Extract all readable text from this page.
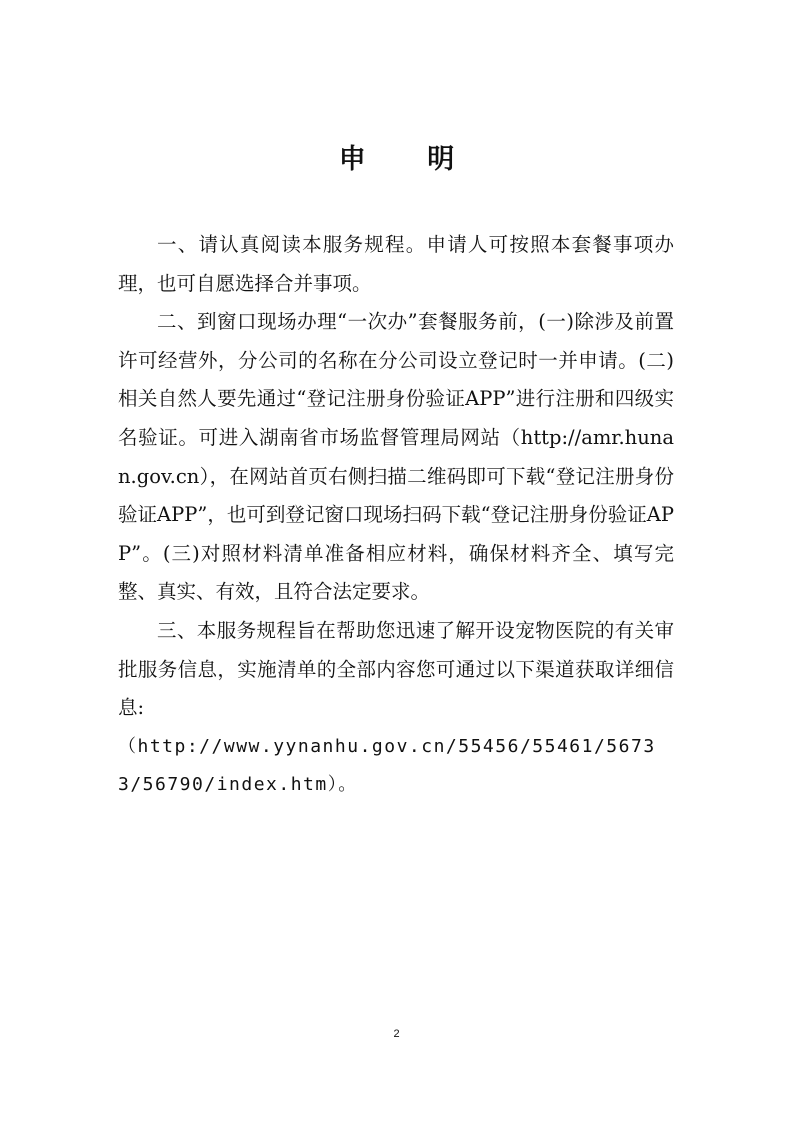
申 明

一、请认真阅读本服务规程。申请人可按照本套餐事项办理，也可自愿选择合并事项。

二、到窗口现场办理“一次办”套餐服务前，(一)除涉及前置许可经营外，分公司的名称在分公司设立登记时一并申请。(二)相关自然人要先通过“登记注册身份验证APP”进行注册和四级实名验证。可进入湖南省市场监督管理局网站（http://amr.hunan.gov.cn），在网站首页右侧扫描二维码即可下载“登记注册身份验证APP”，也可到登记窗口现场扫码下载“登记注册身份验证APP”。(三)对照材料清单准备相应材料，确保材料齐全、填写完整、真实、有效，且符合法定要求。

三、本服务规程旨在帮助您迅速了解开设宠物医院的有关审批服务信息，实施清单的全部内容您可通过以下渠道获取详细信息:

（http://www.yynanhu.gov.cn/55456/55461/56733/56790/index.htm）。

2
